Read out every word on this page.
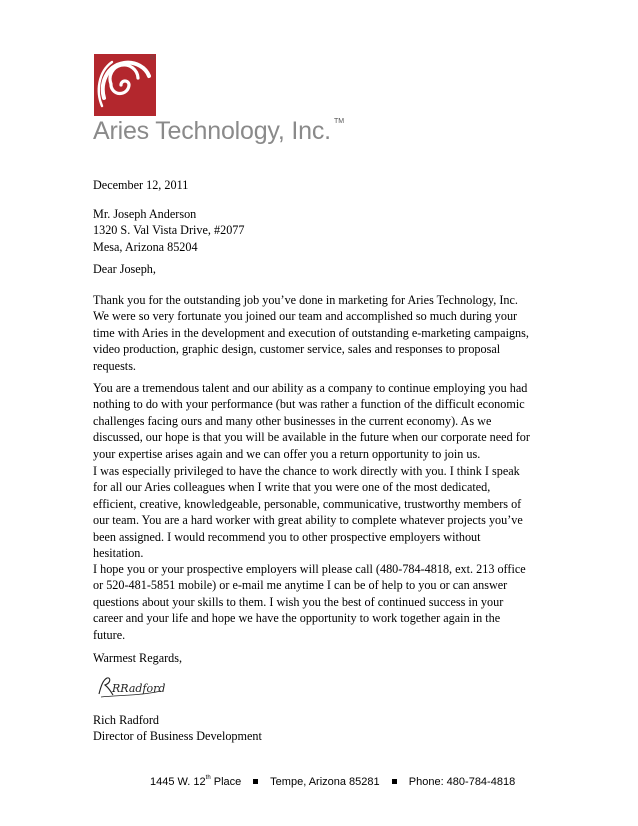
®
Aries Technology, Inc. TM
December 12, 2011
Mr. Joseph Anderson
1320 S. Val Vista Drive, #2077
Mesa, Arizona 85204
Dear Joseph,
Thank you for the outstanding job you’ve done in marketing for Aries Technology, Inc.
We were so very fortunate you joined our team and accomplished so much during your
time with Aries in the development and execution of outstanding e-marketing campaigns,
video production, graphic design, customer service, sales and responses to proposal
requests.
You are a tremendous talent and our ability as a company to continue employing you had
nothing to do with your performance (but was rather a function of the difficult economic
challenges facing ours and many other businesses in the current economy). As we
discussed, our hope is that you will be available in the future when our corporate need for
your expertise arises again and we can offer you a return opportunity to join us.
I was especially privileged to have the chance to work directly with you. I think I speak
for all our Aries colleagues when I write that you were one of the most dedicated,
efficient, creative, knowledgeable, personable, communicative, trustworthy members of
our team. You are a hard worker with great ability to complete whatever projects you’ve
been assigned. I would recommend you to other prospective employers without
hesitation.
I hope you or your prospective employers will please call (480-784-4818, ext. 213 office
or 520-481-5851 mobile) or e-mail me anytime I can be of help to you or can answer
questions about your skills to them. I wish you the best of continued success in your
career and your life and hope we have the opportunity to work together again in the
future.
Warmest Regards,
RRadford
Rich Radford
Director of Business Development
1445 W. 12th Place	Tempe, Arizona 85281	Phone: 480-784-4818
